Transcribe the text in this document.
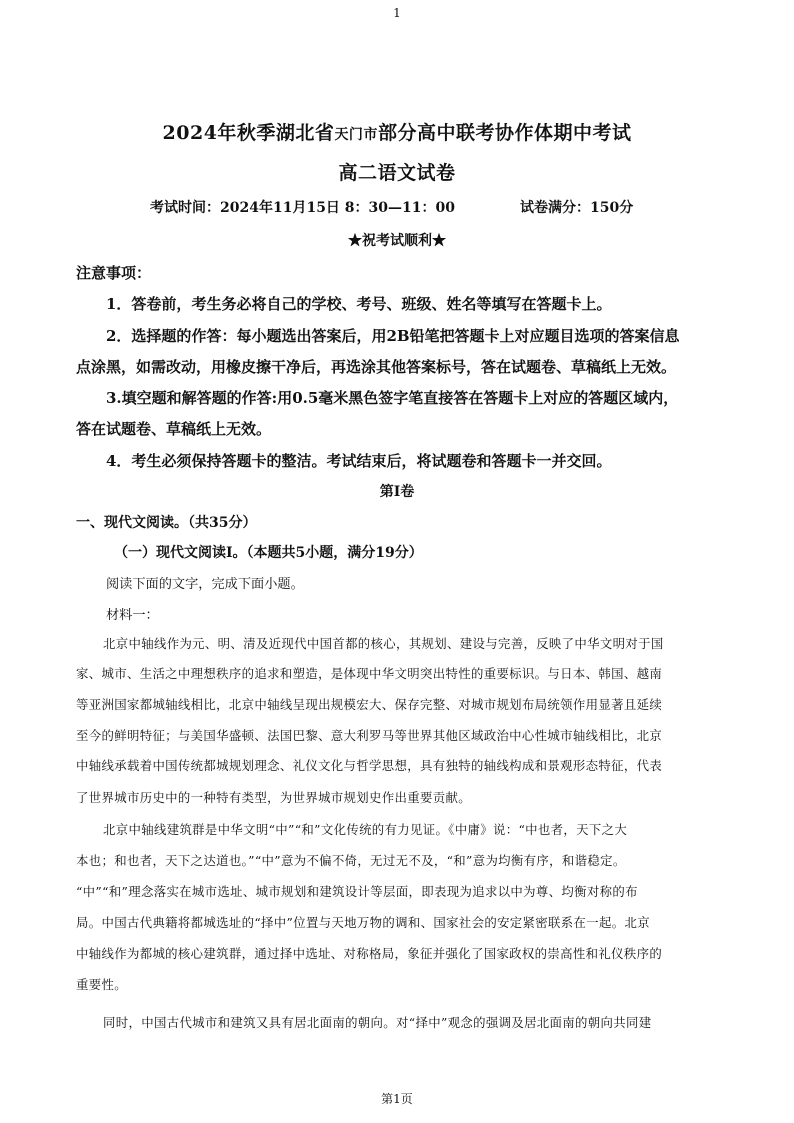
1
2024年秋季湖北省天门市部分高中联考协作体期中考试
高二语文试卷
考试时间：2024年11月15日 8：30—11：00	试卷满分：150分
★祝考试顺利★
注意事项：
1．答卷前，考生务必将自己的学校、考号、班级、姓名等填写在答题卡上。
2．选择题的作答：每小题选出答案后，用2B铅笔把答题卡上对应题目选项的答案信息
点涂黑，如需改动，用橡皮擦干净后，再选涂其他答案标号，答在试题卷、草稿纸上无效。
3.填空题和解答题的作答:用0.5毫米黑色签字笔直接答在答题卡上对应的答题区域内，
答在试题卷、草稿纸上无效。
4．考生必须保持答题卡的整洁。考试结束后，将试题卷和答题卡一并交回。
第Ⅰ卷
一、现代文阅读。（共35分）
（一）现代文阅读Ⅰ。（本题共5小题，满分19分）
阅读下面的文字，完成下面小题。
材料一：
北京中轴线作为元、明、清及近现代中国首都的核心，其规划、建设与完善，反映了中华文明对于国
家、城市、生活之中理想秩序的追求和塑造，是体现中华文明突出特性的重要标识。与日本、韩国、越南
等亚洲国家都城轴线相比，北京中轴线呈现出规模宏大、保存完整、对城市规划布局统领作用显著且延续
至今的鲜明特征；与美国华盛顿、法国巴黎、意大利罗马等世界其他区域政治中心性城市轴线相比，北京
中轴线承载着中国传统都城规划理念、礼仪文化与哲学思想，具有独特的轴线构成和景观形态特征，代表
了世界城市历史中的一种特有类型，为世界城市规划史作出重要贡献。
北京中轴线建筑群是中华文明“中”“和”文化传统的有力见证。《中庸》说：“中也者，天下之大
本也；和也者，天下之达道也。”“中”意为不偏不倚，无过无不及，“和”意为均衡有序，和谐稳定。
“中”“和”理念落实在城市选址、城市规划和建筑设计等层面，即表现为追求以中为尊、均衡对称的布
局。中国古代典籍将都城选址的“择中”位置与天地万物的调和、国家社会的安定紧密联系在一起。北京
中轴线作为都城的核心建筑群，通过择中选址、对称格局，象征并强化了国家政权的崇高性和礼仪秩序的
重要性。
同时，中国古代城市和建筑又具有居北面南的朝向。对“择中”观念的强调及居北面南的朝向共同建
第1页
